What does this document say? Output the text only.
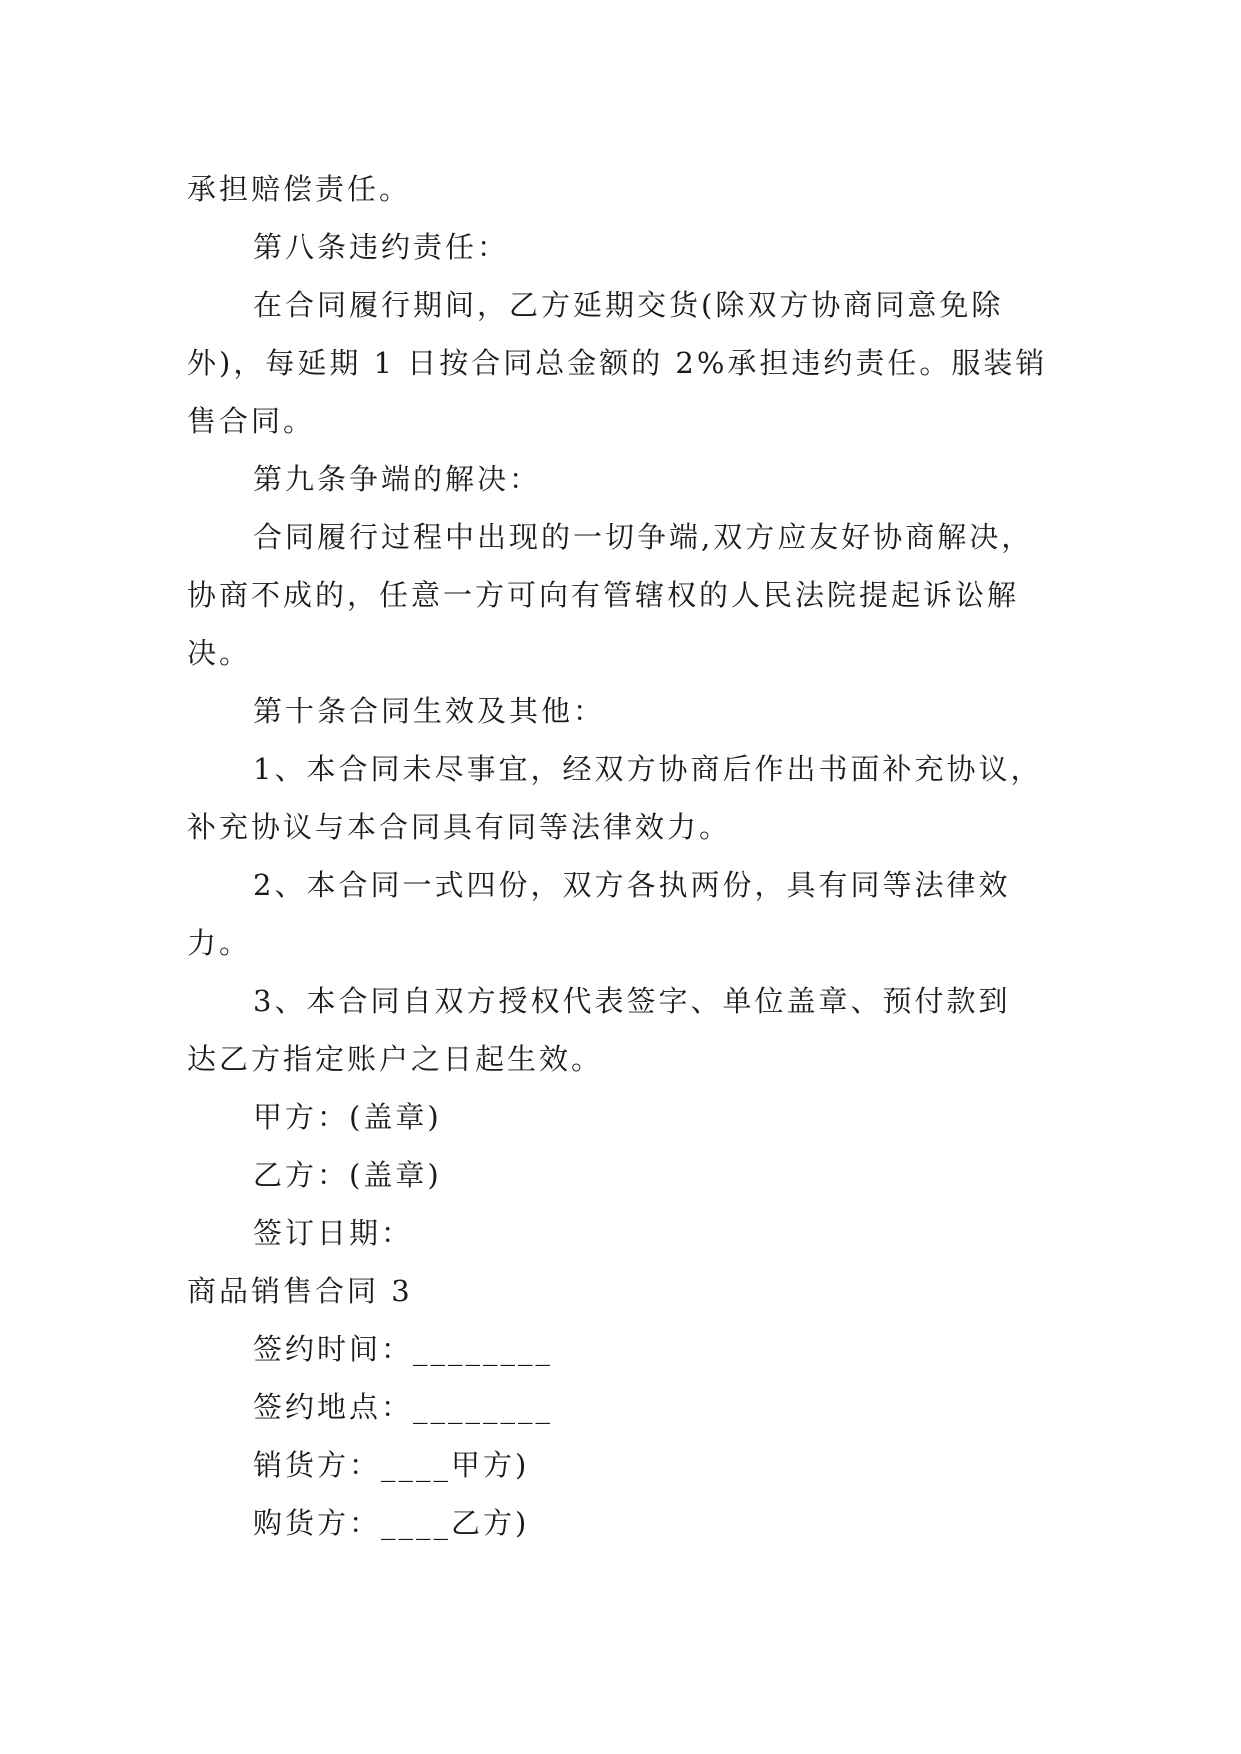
承担赔偿责任。
第八条违约责任：
在合同履行期间，乙方延期交货(除双方协商同意免除
外)，每延期 1 日按合同总金额的 2%承担违约责任。服装销
售合同。
第九条争端的解决：
合同履行过程中出现的一切争端,双方应友好协商解决，
协商不成的，任意一方可向有管辖权的人民法院提起诉讼解
决。
第十条合同生效及其他：
1、本合同未尽事宜，经双方协商后作出书面补充协议，
补充协议与本合同具有同等法律效力。
2、本合同一式四份，双方各执两份，具有同等法律效
力。
3、本合同自双方授权代表签字、单位盖章、预付款到
达乙方指定账户之日起生效。
甲方：(盖章)
乙方：(盖章)
签订日期：
商品销售合同 3
签约时间：________
签约地点：________
销货方：____甲方)
购货方：____乙方)
